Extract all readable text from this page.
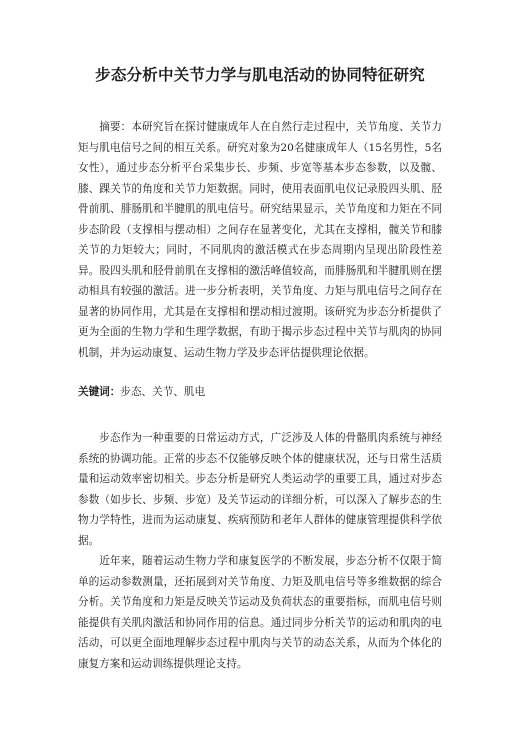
步态分析中关节力学与肌电活动的协同特征研究
摘要：本研究旨在探讨健康成年人在自然行走过程中，关节角度、关节力矩与肌电信号之间的相互关系。研究对象为20名健康成年人（15名男性，5名女性），通过步态分析平台采集步长、步频、步宽等基本步态参数，以及髋、膝、踝关节的角度和关节力矩数据。同时，使用表面肌电仪记录股四头肌、胫骨前肌、腓肠肌和半腱肌的肌电信号。研究结果显示，关节角度和力矩在不同步态阶段（支撑相与摆动相）之间存在显著变化，尤其在支撑相，髋关节和膝关节的力矩较大；同时，不同肌肉的激活模式在步态周期内呈现出阶段性差异。股四头肌和胫骨前肌在支撑相的激活峰值较高，而腓肠肌和半腱肌则在摆动相具有较强的激活。进一步分析表明，关节角度、力矩与肌电信号之间存在显著的协同作用，尤其是在支撑相和摆动相过渡期。该研究为步态分析提供了更为全面的生物力学和生理学数据，有助于揭示步态过程中关节与肌肉的协同机制，并为运动康复、运动生物力学及步态评估提供理论依据。
关键词：步态、关节、肌电
步态作为一种重要的日常运动方式，广泛涉及人体的骨骼肌肉系统与神经系统的协调功能。正常的步态不仅能够反映个体的健康状况，还与日常生活质量和运动效率密切相关。步态分析是研究人类运动学的重要工具，通过对步态参数（如步长、步频、步宽）及关节运动的详细分析，可以深入了解步态的生物力学特性，进而为运动康复、疾病预防和老年人群体的健康管理提供科学依据。
近年来，随着运动生物力学和康复医学的不断发展，步态分析不仅限于简单的运动参数测量，还拓展到对关节角度、力矩及肌电信号等多维数据的综合分析。关节角度和力矩是反映关节运动及负荷状态的重要指标，而肌电信号则能提供有关肌肉激活和协同作用的信息。通过同步分析关节的运动和肌肉的电活动，可以更全面地理解步态过程中肌肉与关节的动态关系，从而为个体化的康复方案和运动训练提供理论支持。
